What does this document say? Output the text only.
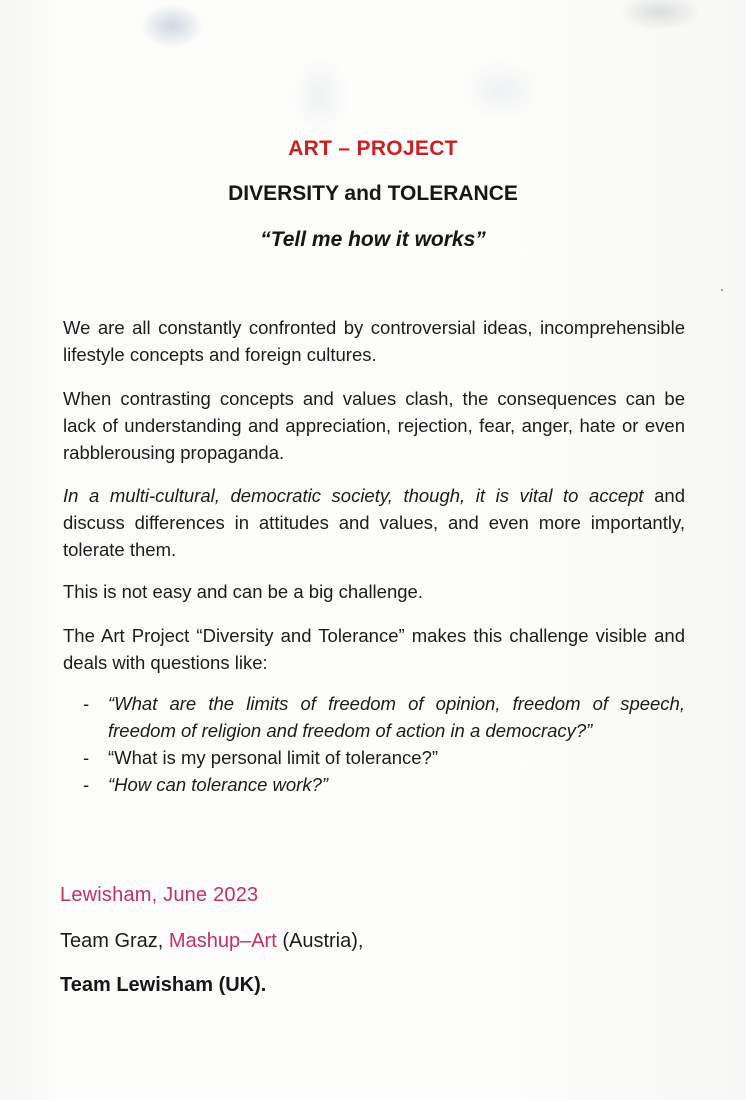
ART – PROJECT
DIVERSITY and TOLERANCE
“Tell me how it works”

We are all constantly confronted by controversial ideas, incomprehensible lifestyle concepts and foreign cultures.

When contrasting concepts and values clash, the consequences can be lack of understanding and appreciation, rejection, fear, anger, hate or even rabblerousing propaganda.

In a multi-cultural, democratic society, though, it is vital to accept and discuss differences in attitudes and values, and even more importantly, tolerate them.

This is not easy and can be a big challenge.

The Art Project “Diversity and Tolerance” makes this challenge visible and deals with questions like:

- “What are the limits of freedom of opinion, freedom of speech, freedom of religion and freedom of action in a democracy?”
- “What is my personal limit of tolerance?”
- “How can tolerance work?”

Lewisham, June 2023

Team Graz, Mashup–Art (Austria),

Team Lewisham (UK).
